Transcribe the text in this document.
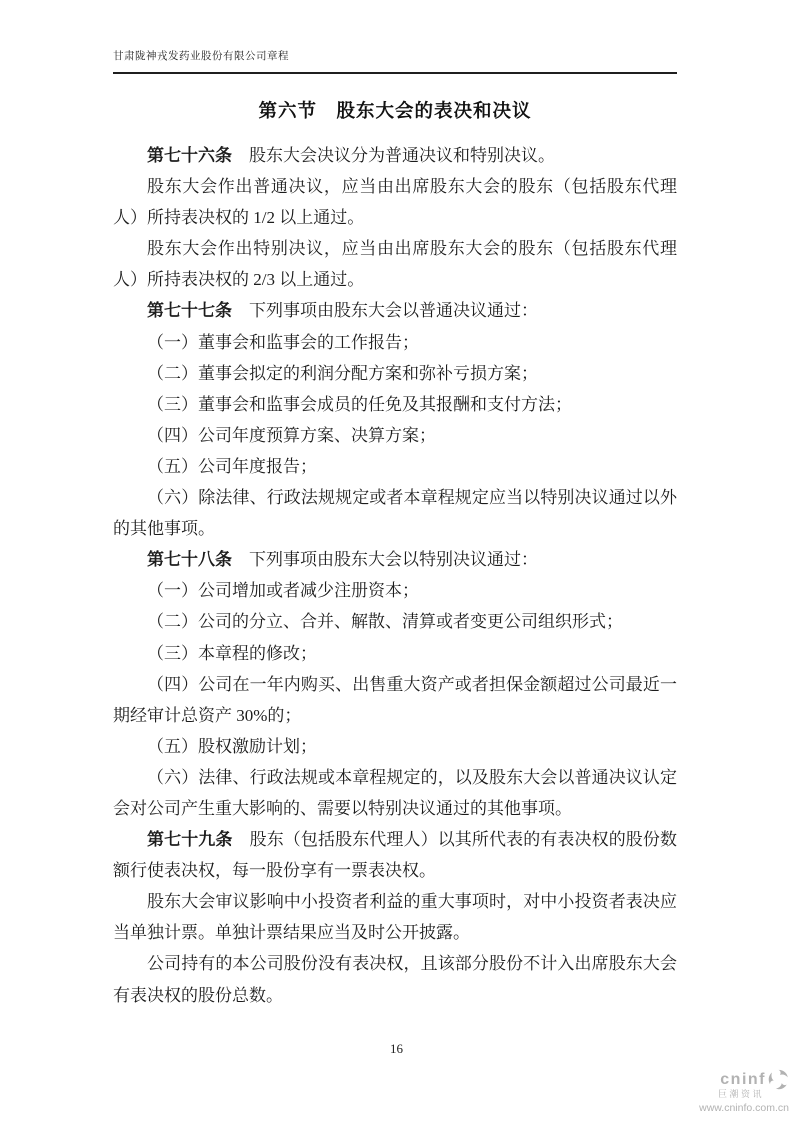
甘肃陇神戎发药业股份有限公司章程
第六节　股东大会的表决和决议

第七十六条　股东大会决议分为普通决议和特别决议。

股东大会作出普通决议，应当由出席股东大会的股东（包括股东代理人）所持表决权的 1/2 以上通过。

股东大会作出特别决议，应当由出席股东大会的股东（包括股东代理人）所持表决权的 2/3 以上通过。

第七十七条　下列事项由股东大会以普通决议通过：

（一）董事会和监事会的工作报告；

（二）董事会拟定的利润分配方案和弥补亏损方案；

（三）董事会和监事会成员的任免及其报酬和支付方法；

（四）公司年度预算方案、决算方案；

（五）公司年度报告；

（六）除法律、行政法规规定或者本章程规定应当以特别决议通过以外的其他事项。

第七十八条　下列事项由股东大会以特别决议通过：

（一）公司增加或者减少注册资本；

（二）公司的分立、合并、解散、清算或者变更公司组织形式；

（三）本章程的修改；

（四）公司在一年内购买、出售重大资产或者担保金额超过公司最近一期经审计总资产 30%的；

（五）股权激励计划；

（六）法律、行政法规或本章程规定的，以及股东大会以普通决议认定会对公司产生重大影响的、需要以特别决议通过的其他事项。

第七十九条　股东（包括股东代理人）以其所代表的有表决权的股份数额行使表决权，每一股份享有一票表决权。

股东大会审议影响中小投资者利益的重大事项时，对中小投资者表决应当单独计票。单独计票结果应当及时公开披露。

公司持有的本公司股份没有表决权，且该部分股份不计入出席股东大会有表决权的股份总数。

16
cninf
巨潮资讯
www.cninfo.com.cn
